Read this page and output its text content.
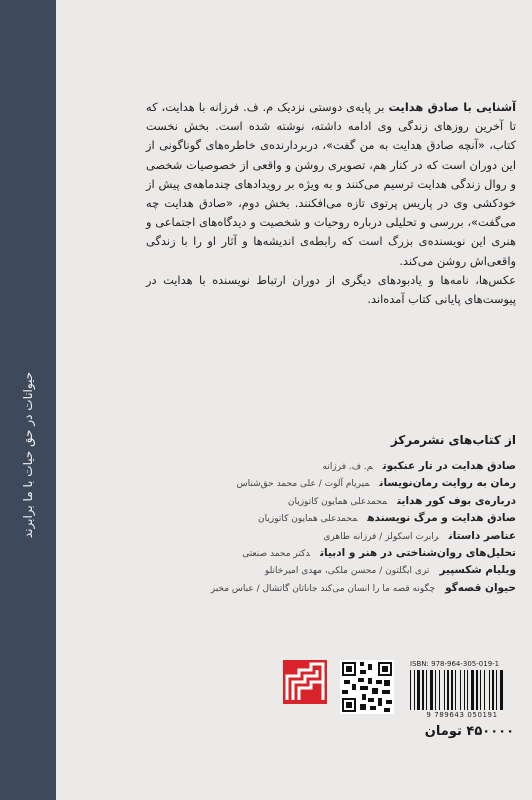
حیوانات در حق حیات با ما برابرند

آشنایی با صادق هدایت بر پایه‌ی دوستی نزدیک م. ف. فرزانه با هدایت، که تا آخرین روزهای زندگی وی ادامه داشته، نوشته شده است. بخش نخست کتاب، «آنچه صادق هدایت به من گفت»، دربردارنده‌ی خاطره‌های گوناگونی از این دوران است که در کنار هم، تصویری روشن و واقعی از خصوصیات شخصی و روال زندگی هدایت ترسیم می‌کنند و به ویژه بر رویدادهای چندماهه‌ی پیش از خودکشی وی در پاریس پرتوی تازه می‌افکنند. بخش دوم، «صادق هدایت چه می‌گفت»، بررسی و تحلیلی درباره روحیات و شخصیت و دیدگاه‌های اجتماعی و هنری این نویسنده‌ی بزرگ است که رابطه‌ی اندیشه‌ها و آثار او را با زندگی واقعی‌اش روشن می‌کند.

عکس‌ها، نامه‌ها و یادبودهای دیگری از دوران ارتباط نویسنده با هدایت در پیوست‌های پایانی کتاب آمده‌اند.

از کتاب‌های نشرمرکز
صادق هدایت در تار عنکبوتم. ف. فرزانه
رمان به روایت رمان‌نویسانمیریام آلوت / علی محمد حق‌شناس
درباره‌ی بوف کور هدایتمحمدعلی همایون کاتوزیان
صادق هدایت و مرگ نویسندهمحمدعلی همایون کاتوزیان
عناصر داستانرابرت اسکولز / فرزانه طاهری
تحلیل‌های روان‌شناختی در هنر و ادبیاتدکتر محمد صنعتی
ویلیام شکسپیرتری ایگلتون / محسن ملکی، مهدی امیرخانلو
حیوان قصه‌گوچگونه قصه ما را انسان می‌کند جاناتان گاتشال / عباس مخبر
ISBN: 978-964-305-019-1
9 789643 050191
۴۵۰۰۰۰ تومان
